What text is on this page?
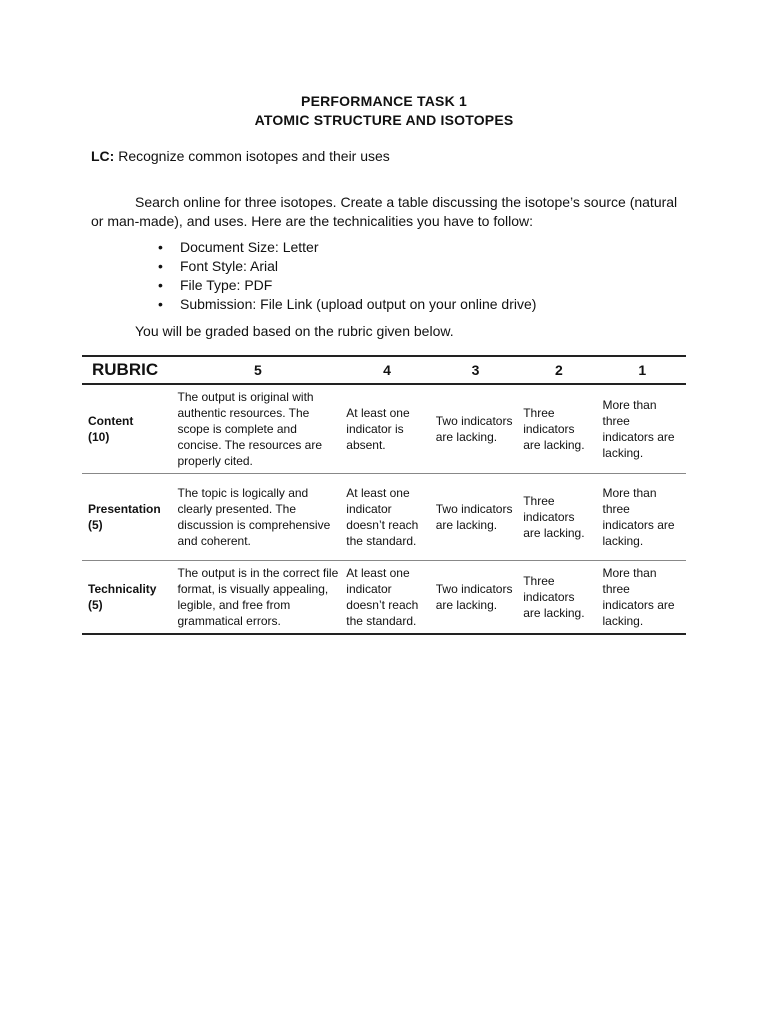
PERFORMANCE TASK 1
ATOMIC STRUCTURE AND ISOTOPES
LC: Recognize common isotopes and their uses
Search online for three isotopes. Create a table discussing the isotope’s source (natural or man-made), and uses. Here are the technicalities you have to follow:
• Document Size: Letter
• Font Style: Arial
• File Type: PDF
• Submission: File Link (upload output on your online drive)
You will be graded based on the rubric given below.
RUBRIC	5	4	3	2	1
Content
(10)	The output is original with authentic resources. The scope is complete and concise. The resources are properly cited.	At least one indicator is absent.	Two indicators are lacking.	Three indicators are lacking.	More than three indicators are lacking.
Presentation
(5)	The topic is logically and clearly presented. The discussion is comprehensive and coherent.	At least one indicator doesn’t reach the standard.	Two indicators are lacking.	Three indicators are lacking.	More than three indicators are lacking.
Technicality
(5)	The output is in the correct file format, is visually appealing, legible, and free from grammatical errors.	At least one indicator doesn’t reach the standard.	Two indicators are lacking.	Three indicators are lacking.	More than three indicators are lacking.
